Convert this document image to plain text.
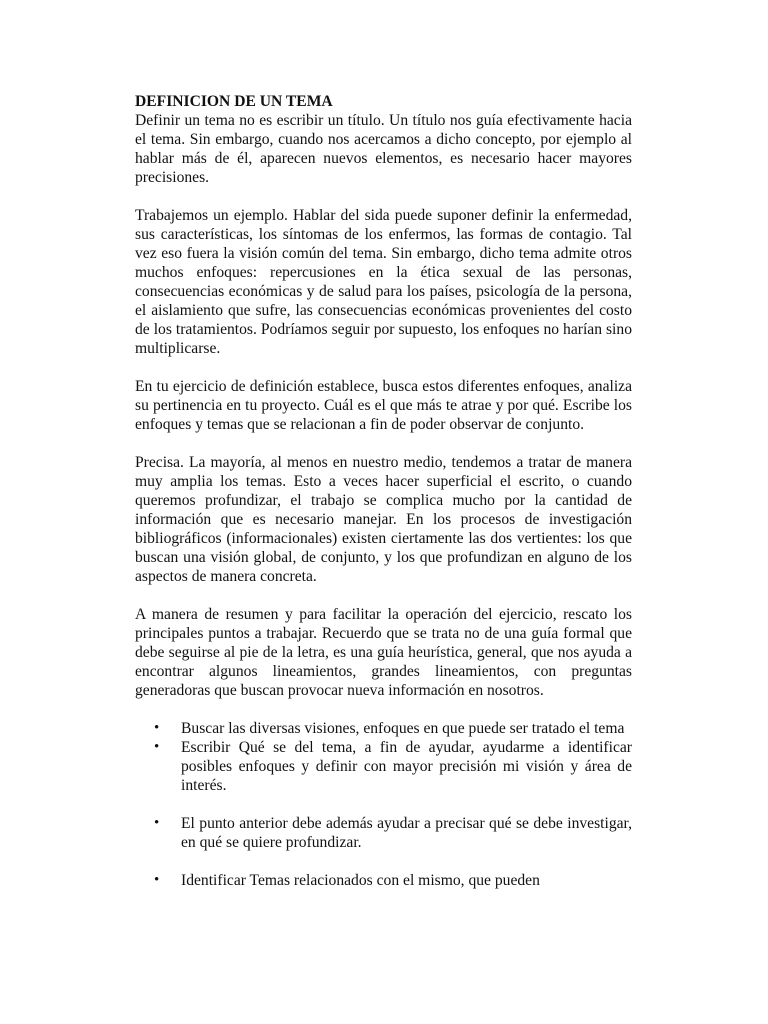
DEFINICION DE UN TEMA

Definir un tema no es escribir un título. Un título nos guía efectivamente hacia el tema. Sin embargo, cuando nos acercamos a dicho concepto, por ejemplo al hablar más de él, aparecen nuevos elementos, es necesario hacer mayores precisiones.

Trabajemos un ejemplo. Hablar del sida puede suponer definir la enfermedad, sus características, los síntomas de los enfermos, las formas de contagio. Tal vez eso fuera la visión común del tema. Sin embargo, dicho tema admite otros muchos enfoques: repercusiones en la ética sexual de las personas, consecuencias económicas y de salud para los países, psicología de la persona, el aislamiento que sufre, las consecuencias económicas provenientes del costo de los tratamientos. Podríamos seguir por supuesto, los enfoques no harían sino multiplicarse.

En tu ejercicio de definición establece, busca estos diferentes enfoques, analiza su pertinencia en tu proyecto. Cuál es el que más te atrae y por qué. Escribe los enfoques y temas que se relacionan a fin de poder observar de conjunto.

Precisa. La mayoría, al menos en nuestro medio, tendemos a tratar de manera muy amplia los temas. Esto a veces hacer superficial el escrito, o cuando queremos profundizar, el trabajo se complica mucho por la cantidad de información que es necesario manejar. En los procesos de investigación bibliográficos (informacionales) existen ciertamente las dos vertientes: los que buscan una visión global, de conjunto, y los que profundizan en alguno de los aspectos de manera concreta.

A manera de resumen y para facilitar la operación del ejercicio, rescato los principales puntos a trabajar. Recuerdo que se trata no de una guía formal que debe seguirse al pie de la letra, es una guía heurística, general, que nos ayuda a encontrar algunos lineamientos, grandes lineamientos, con preguntas generadoras que buscan provocar nueva información en nosotros.

• Buscar las diversas visiones, enfoques en que puede ser tratado el tema
• Escribir Qué se del tema, a fin de ayudar, ayudarme a identificar posibles enfoques y definir con mayor precisión mi visión y área de interés.
• El punto anterior debe además ayudar a precisar qué se debe investigar, en qué se quiere profundizar.
• Identificar Temas relacionados con el mismo, que pueden
